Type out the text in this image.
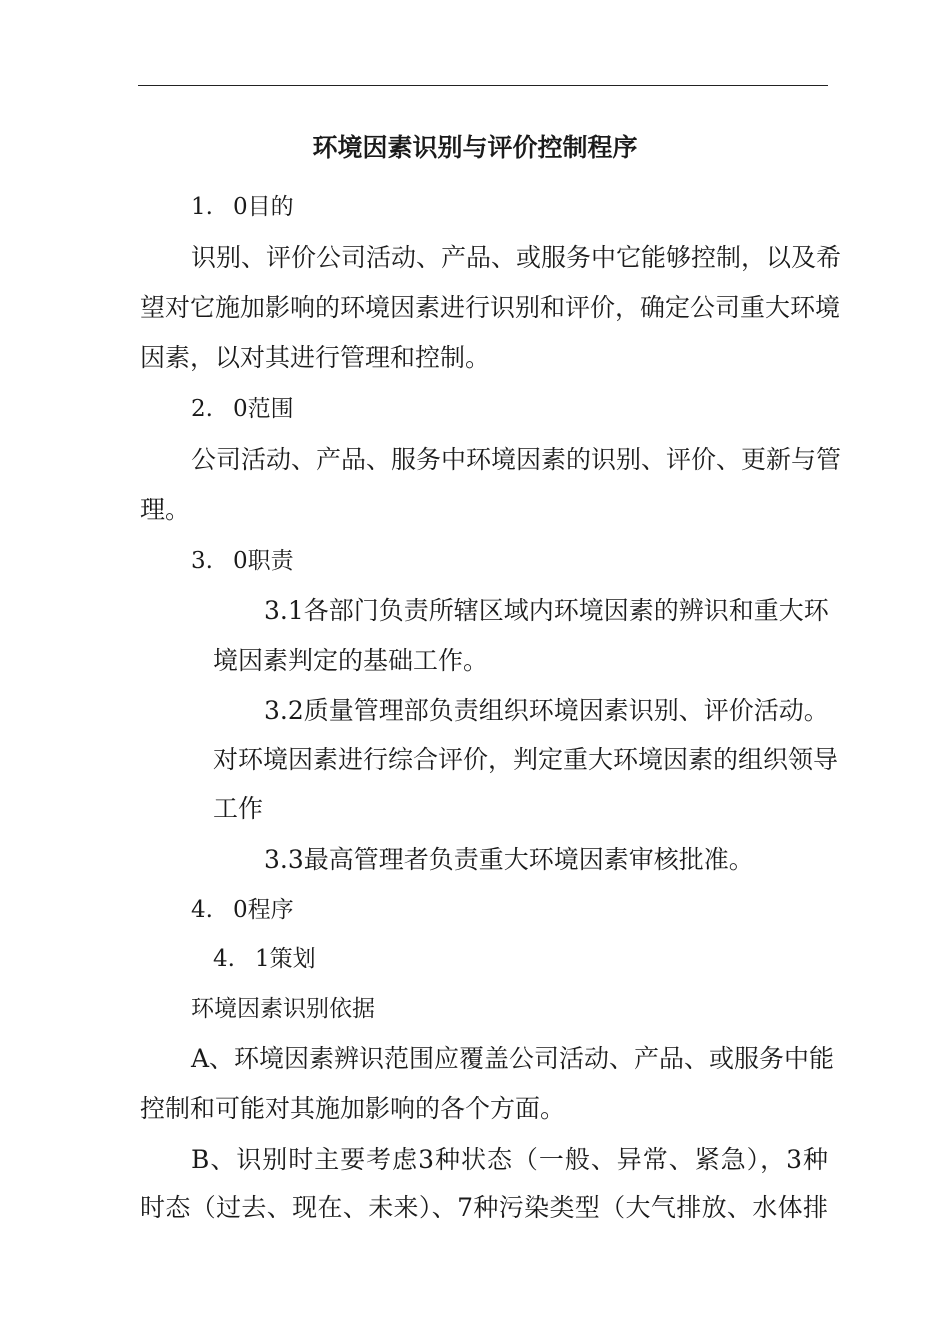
环境因素识别与评价控制程序
1. 0目的

识别、评价公司活动、产品、或服务中它能够控制，以及希

望对它施加影响的环境因素进行识别和评价，确定公司重大环境

因素，以对其进行管理和控制。

2. 0范围

公司活动、产品、服务中环境因素的识别、评价、更新与管

理。

3. 0职责

3.1各部门负责所辖区域内环境因素的辨识和重大环

境因素判定的基础工作。

3.2质量管理部负责组织环境因素识别、评价活动。

对环境因素进行综合评价，判定重大环境因素的组织领导

工作

3.3最高管理者负责重大环境因素审核批准。

4. 0程序
4. 1策划

环境因素识别依据

A、环境因素辨识范围应覆盖公司活动、产品、或服务中能

控制和可能对其施加影响的各个方面。

B、识别时主要考虑3种状态（一般、异常、紧急），3种

时态（过去、现在、未来）、7种污染类型（大气排放、水体排
